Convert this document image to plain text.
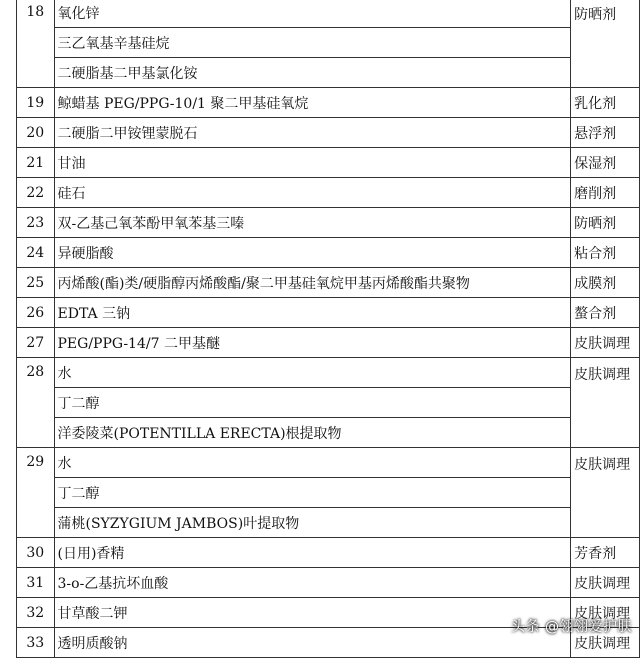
18	氧化锌	防晒剂
	三乙氧基辛基硅烷	
	二硬脂基二甲基氯化铵	
19	鲸蜡基 PEG/PPG-10/1 聚二甲基硅氧烷	乳化剂
20	二硬脂二甲铵锂蒙脱石	悬浮剂
21	甘油	保湿剂
22	硅石	磨削剂
23	双-乙基己氧苯酚甲氧苯基三嗪	防晒剂
24	异硬脂酸	粘合剂
25	丙烯酸(酯)类/硬脂醇丙烯酸酯/聚二甲基硅氧烷甲基丙烯酸酯共聚物	成膜剂
26	EDTA 三钠	螯合剂
27	PEG/PPG-14/7 二甲基醚	皮肤调理
28	水	皮肤调理
	丁二醇	
	洋委陵菜(POTENTILLA ERECTA)根提取物	
29	水	皮肤调理
	丁二醇	
	蒲桃(SYZYGIUM JAMBOS)叶提取物	
30	(日用)香精	芳香剂
31	3-o-乙基抗坏血酸	皮肤调理
32	甘草酸二钾	皮肤调理
33	透明质酸钠	皮肤调理
头条 @翎翎爱护肤
